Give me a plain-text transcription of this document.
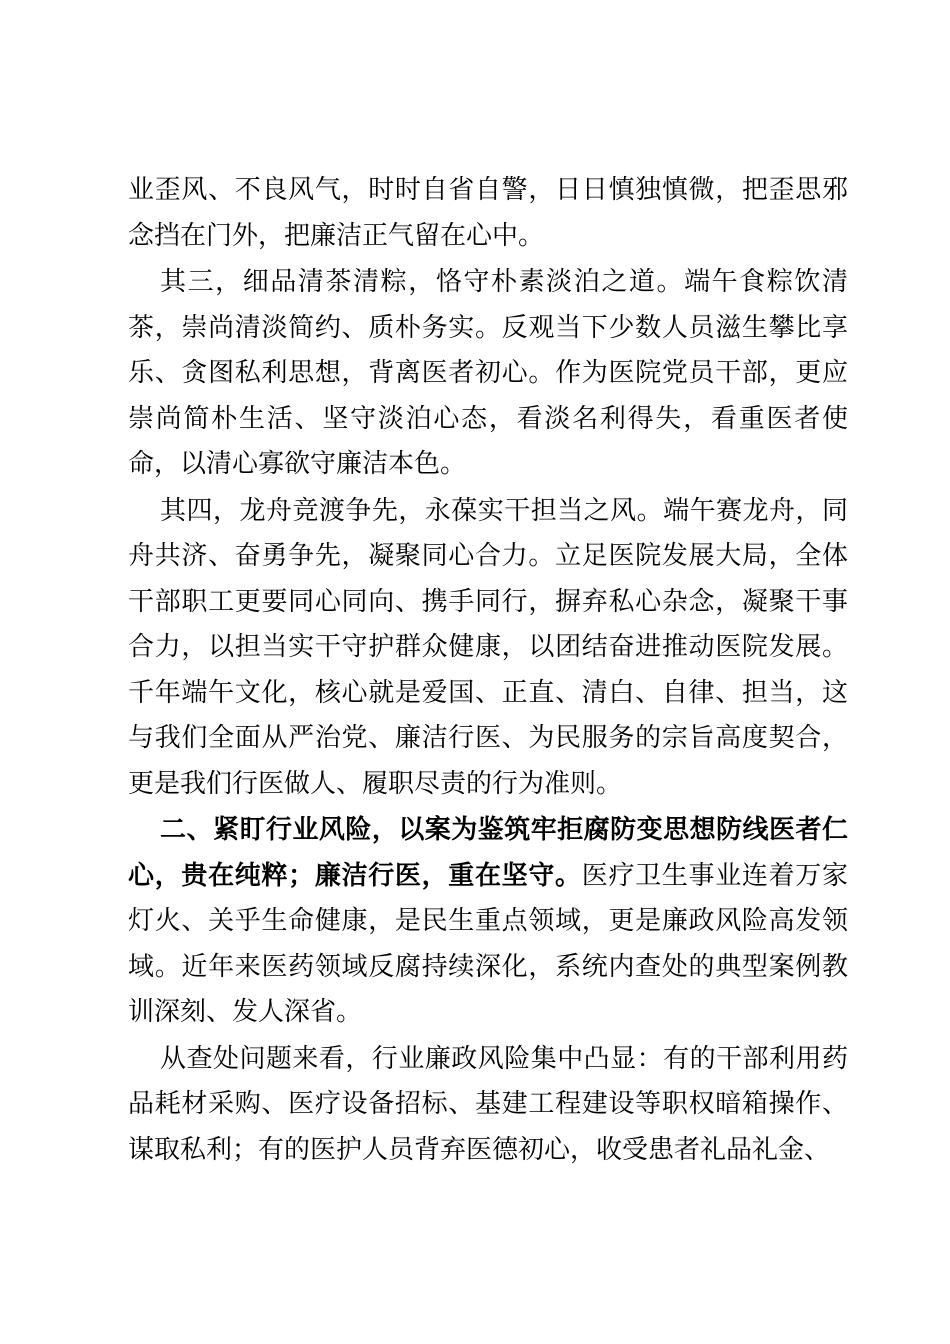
业歪风、不良风气，时时自省自警，日日慎独慎微，把歪思邪念挡在门外，把廉洁正气留在心中。

其三，细品清茶清粽，恪守朴素淡泊之道。端午食粽饮清茶，崇尚清淡简约、质朴务实。反观当下少数人员滋生攀比享乐、贪图私利思想，背离医者初心。作为医院党员干部，更应崇尚简朴生活、坚守淡泊心态，看淡名利得失，看重医者使命，以清心寡欲守廉洁本色。

其四，龙舟竞渡争先，永葆实干担当之风。端午赛龙舟，同舟共济、奋勇争先，凝聚同心合力。立足医院发展大局，全体干部职工更要同心同向、携手同行，摒弃私心杂念，凝聚干事合力，以担当实干守护群众健康，以团结奋进推动医院发展。千年端午文化，核心就是爱国、正直、清白、自律、担当，这与我们全面从严治党、廉洁行医、为民服务的宗旨高度契合，更是我们行医做人、履职尽责的行为准则。

二、紧盯行业风险，以案为鉴筑牢拒腐防变思想防线医者仁心，贵在纯粹；廉洁行医，重在坚守。医疗卫生事业连着万家灯火、关乎生命健康，是民生重点领域，更是廉政风险高发领域。近年来医药领域反腐持续深化，系统内查处的典型案例教训深刻、发人深省。

从查处问题来看，行业廉政风险集中凸显：有的干部利用药品耗材采购、医疗设备招标、基建工程建设等职权暗箱操作、谋取私利；有的医护人员背弃医德初心，收受患者礼品礼金、
